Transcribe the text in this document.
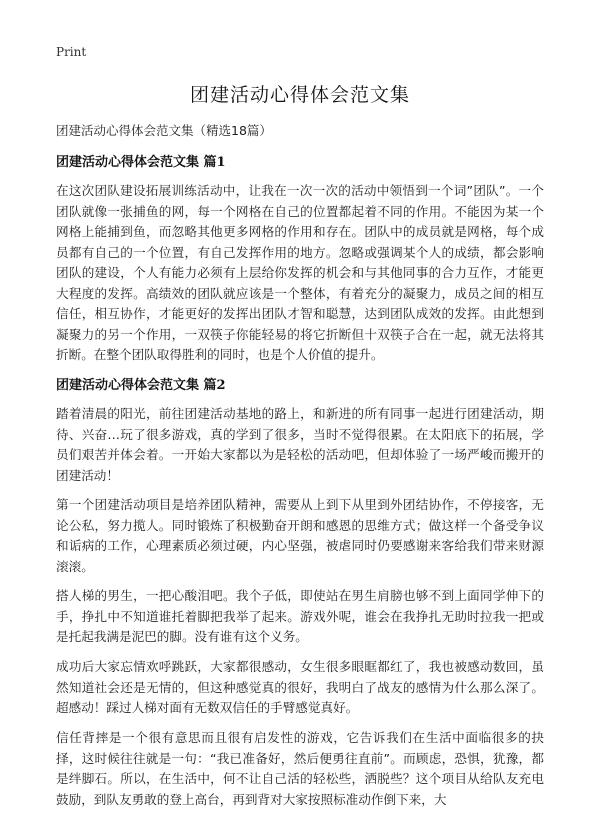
Print
团建活动心得体会范文集
团建活动心得体会范文集（精选18篇）
团建活动心得体会范文集 篇1

在这次团队建设拓展训练活动中，让我在一次一次的活动中领悟到一个词”团队”。一个团队就像一张捕鱼的网，每一个网格在自己的位置都起着不同的作用。不能因为某一个网格上能捕到鱼，而忽略其他更多网格的作用和存在。团队中的成员就是网格，每个成员都有自己的一个位置，有自己发挥作用的地方。忽略或强调某个人的成绩，都会影响团队的建设，个人有能力必须有上层给你发挥的机会和与其他同事的合力互作，才能更大程度的发挥。高绩效的团队就应该是一个整体，有着充分的凝聚力，成员之间的相互信任，相互协作，才能更好的发挥出团队才智和聪慧，达到团队成效的发挥。由此想到凝聚力的另一个作用，一双筷子你能轻易的将它折断但十双筷子合在一起，就无法将其折断。在整个团队取得胜利的同时，也是个人价值的提升。

团建活动心得体会范文集 篇2

踏着清晨的阳光，前往团建活动基地的路上，和新进的所有同事一起进行团建活动，期待、兴奋…玩了很多游戏，真的学到了很多，当时不觉得很累。在太阳底下的拓展，学员们艰苦并体会着。一开始大家都以为是轻松的活动吧，但却体验了一场严峻而搬开的团建活动！

第一个团建活动项目是培养团队精神，需要从上到下从里到外团结协作，不停接客，无论公私，努力揽人。同时锻炼了积极勤奋开朗和感恩的思维方式；做这样一个备受争议和诟病的工作，心理素质必须过硬，内心坚强，被虐同时仍要感谢来客给我们带来财源滚滚。

搭人梯的男生，一把心酸泪吧。我个子低，即使站在男生肩膀也够不到上面同学伸下的手，挣扎中不知道谁托着脚把我举了起来。游戏外呢，谁会在我挣扎无助时拉我一把或是托起我满是泥巴的脚。没有谁有这个义务。

成功后大家忘情欢呼跳跃，大家都很感动，女生很多眼眶都红了，我也被感动数回，虽然知道社会还是无情的，但这种感觉真的很好，我明白了战友的感情为什么那么深了。超感动！踩过人梯对面有无数双信任的手臂感觉真好。

信任背摔是一个很有意思而且很有启发性的游戏，它告诉我们在生活中面临很多的抉择，这时候往往就是一句：“我已准备好，然后便勇往直前”。而顾虑，恐惧，犹豫，都是绊脚石。所以，在生活中，何不让自己活的轻松些，洒脱些？这个项目从给队友充电鼓励，到队友勇敢的登上高台，再到背对大家按照标准动作倒下来，大
